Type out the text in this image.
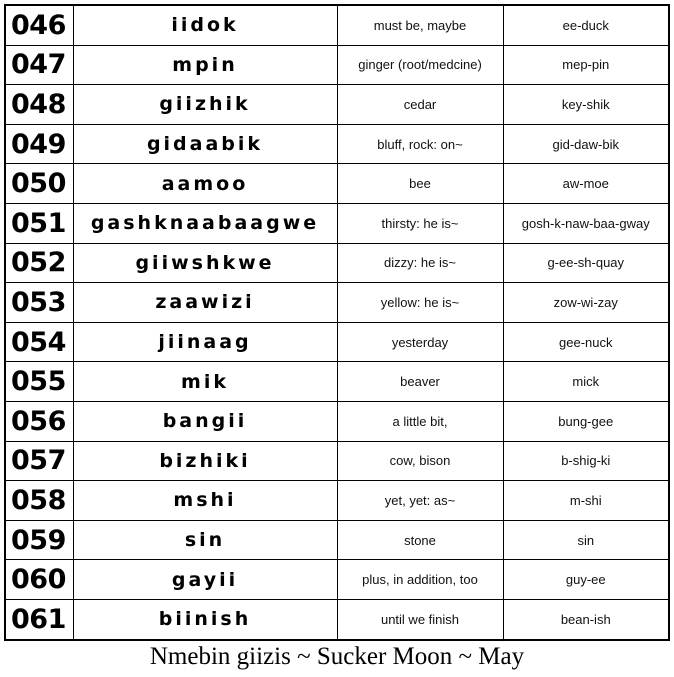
046	iidok	must be, maybe	ee-duck
047	mpin	ginger (root/medcine)	mep-pin
048	giizhik	cedar	key-shik
049	gidaabik	bluff, rock: on~	gid-daw-bik
050	aamoo	bee	aw-moe
051	gashknaabaagwe	thirsty: he is~	gosh-k-naw-baa-gway
052	giiwshkwe	dizzy: he is~	g-ee-sh-quay
053	zaawizi	yellow: he is~	zow-wi-zay
054	jiinaag	yesterday	gee-nuck
055	mik	beaver	mick
056	bangii	a little bit,	bung-gee
057	bizhiki	cow, bison	b-shig-ki
058	mshi	yet, yet: as~	m-shi
059	sin	stone	sin
060	gayii	plus, in addition, too	guy-ee
061	biinish	until we finish	bean-ish
Nmebin giizis ~ Sucker Moon ~ May
